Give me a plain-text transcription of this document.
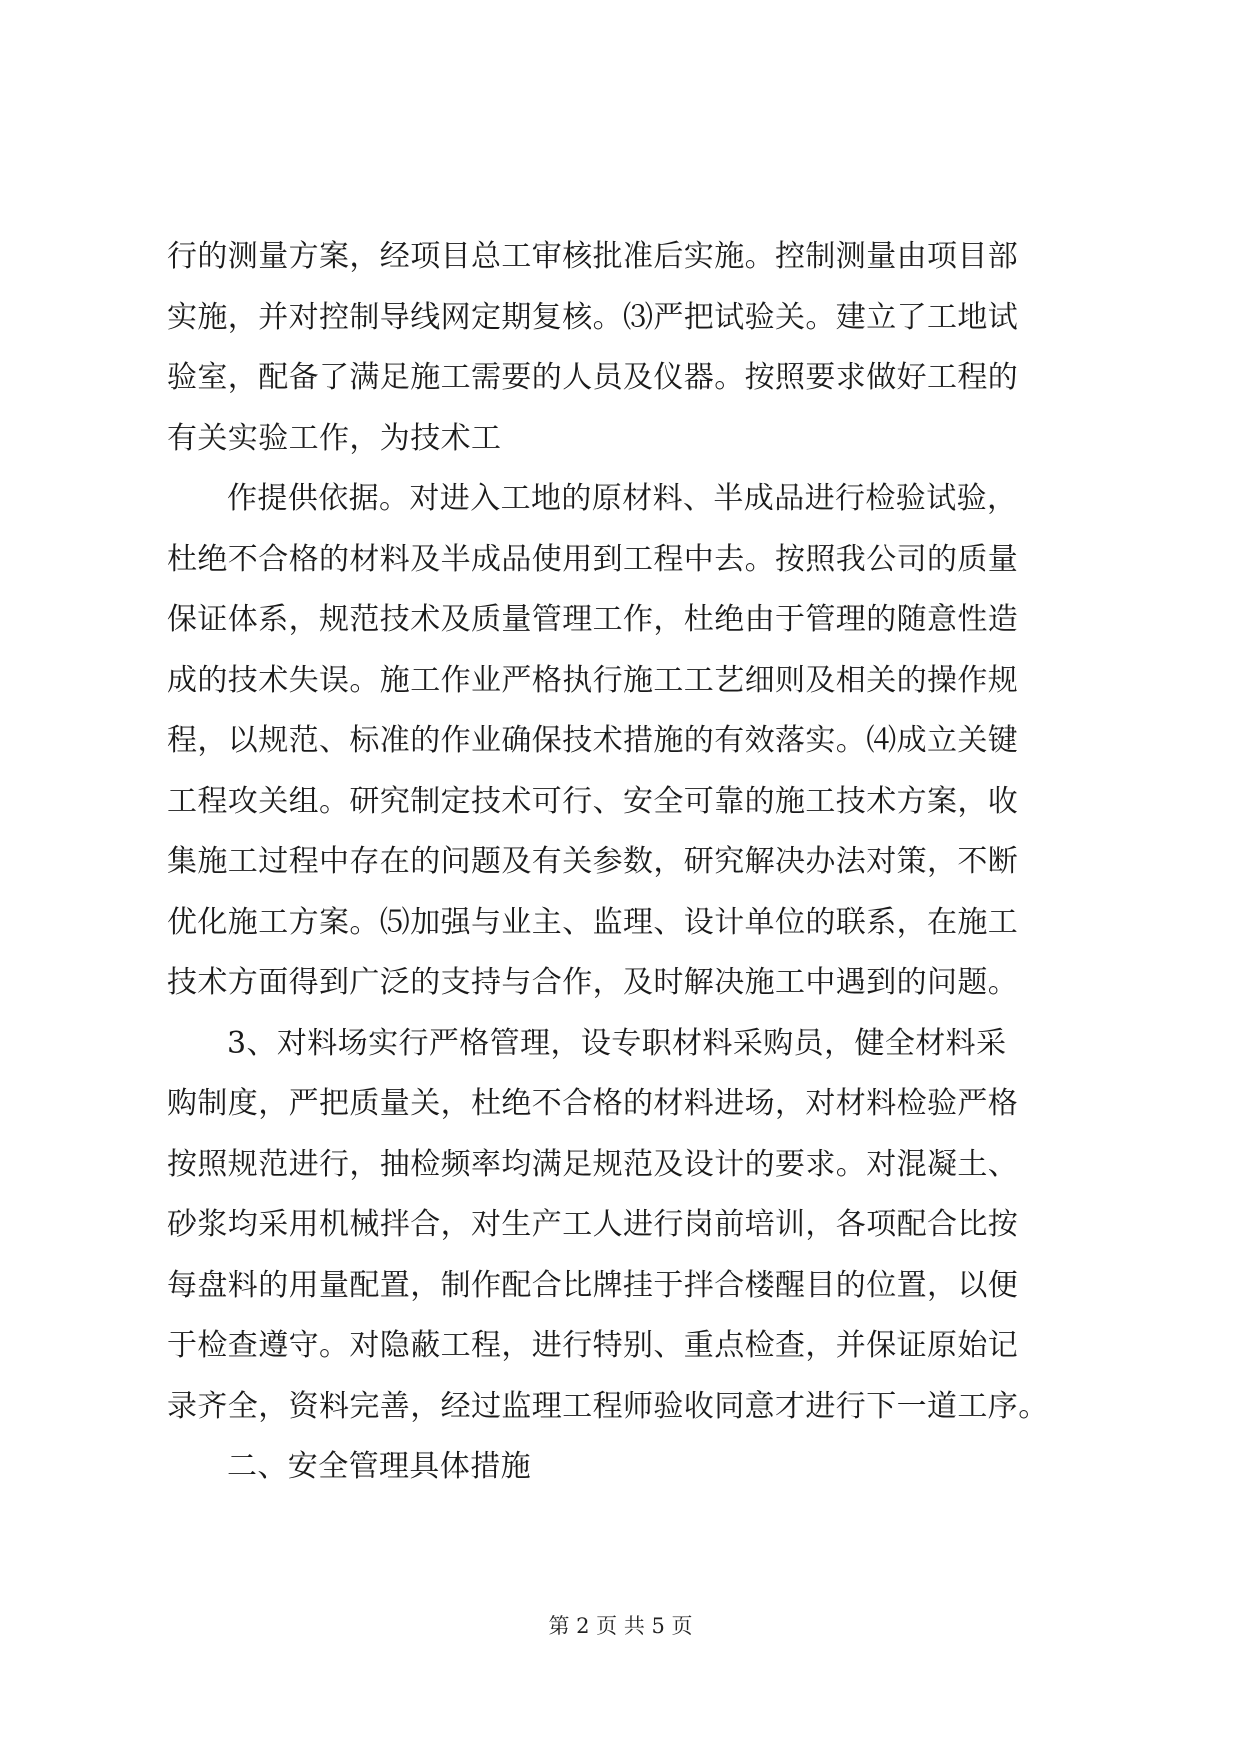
行的测量方案，经项目总工审核批准后实施。控制测量由项目部
实施，并对控制导线网定期复核。⑶严把试验关。建立了工地试
验室，配备了满足施工需要的人员及仪器。按照要求做好工程的
有关实验工作，为技术工
作提供依据。对进入工地的原材料、半成品进行检验试验，
杜绝不合格的材料及半成品使用到工程中去。按照我公司的质量
保证体系，规范技术及质量管理工作，杜绝由于管理的随意性造
成的技术失误。施工作业严格执行施工工艺细则及相关的操作规
程，以规范、标准的作业确保技术措施的有效落实。⑷成立关键
工程攻关组。研究制定技术可行、安全可靠的施工技术方案，收
集施工过程中存在的问题及有关参数，研究解决办法对策，不断
优化施工方案。⑸加强与业主、监理、设计单位的联系，在施工
技术方面得到广泛的支持与合作，及时解决施工中遇到的问题。
3、对料场实行严格管理，设专职材料采购员，健全材料采
购制度，严把质量关，杜绝不合格的材料进场，对材料检验严格
按照规范进行，抽检频率均满足规范及设计的要求。对混凝土、
砂浆均采用机械拌合，对生产工人进行岗前培训，各项配合比按
每盘料的用量配置，制作配合比牌挂于拌合楼醒目的位置，以便
于检查遵守。对隐蔽工程，进行特别、重点检查，并保证原始记
录齐全，资料完善，经过监理工程师验收同意才进行下一道工序。
二、安全管理具体措施
第 2 页 共 5 页
